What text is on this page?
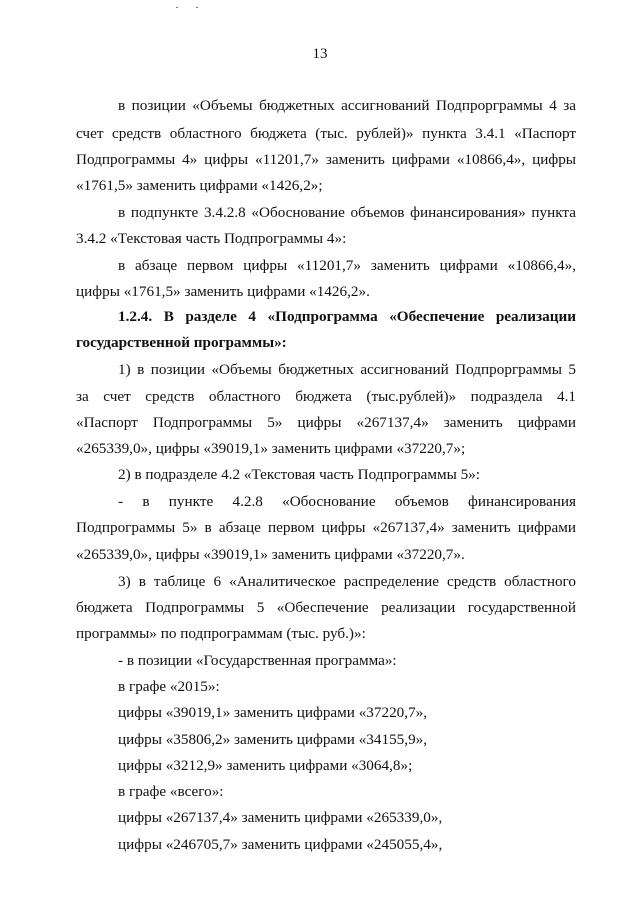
13
в позиции «Объемы бюджетных ассигнований Подпрорграммы 4 за
счет средств областного бюджета (тыс. рублей)» пункта 3.4.1 «Паспорт
Подпрограммы 4» цифры «11201,7» заменить цифрами «10866,4», цифры
«1761,5» заменить цифрами «1426,2»;
в подпункте 3.4.2.8 «Обоснование объемов финансирования» пункта
3.4.2 «Текстовая часть Подпрограммы 4»:
в абзаце первом цифры «11201,7» заменить цифрами «10866,4»,
цифры «1761,5» заменить цифрами «1426,2».
1.2.4. В разделе 4 «Подпрограмма «Обеспечение реализации
государственной программы»:
1) в позиции «Объемы бюджетных ассигнований Подпрорграммы 5
за счет средств областного бюджета (тыс.рублей)» подраздела 4.1
«Паспорт Подпрограммы 5» цифры «267137,4» заменить цифрами
«265339,0», цифры «39019,1» заменить цифрами «37220,7»;
2) в подразделе 4.2 «Текстовая часть Подпрограммы 5»:
- в пункте 4.2.8 «Обоснование объемов финансирования
Подпрограммы 5» в абзаце первом цифры «267137,4» заменить цифрами
«265339,0», цифры «39019,1» заменить цифрами «37220,7».
3) в таблице 6 «Аналитическое распределение средств областного
бюджета Подпрограммы 5 «Обеспечение реализации государственной
программы» по подпрограммам (тыс. руб.)»:
- в позиции «Государственная программа»:
в графе «2015»:
цифры «39019,1» заменить цифрами «37220,7»,
цифры «35806,2» заменить цифрами «34155,9»,
цифры «3212,9» заменить цифрами «3064,8»;
в графе «всего»:
цифры «267137,4» заменить цифрами «265339,0»,
цифры «246705,7» заменить цифрами «245055,4»,
